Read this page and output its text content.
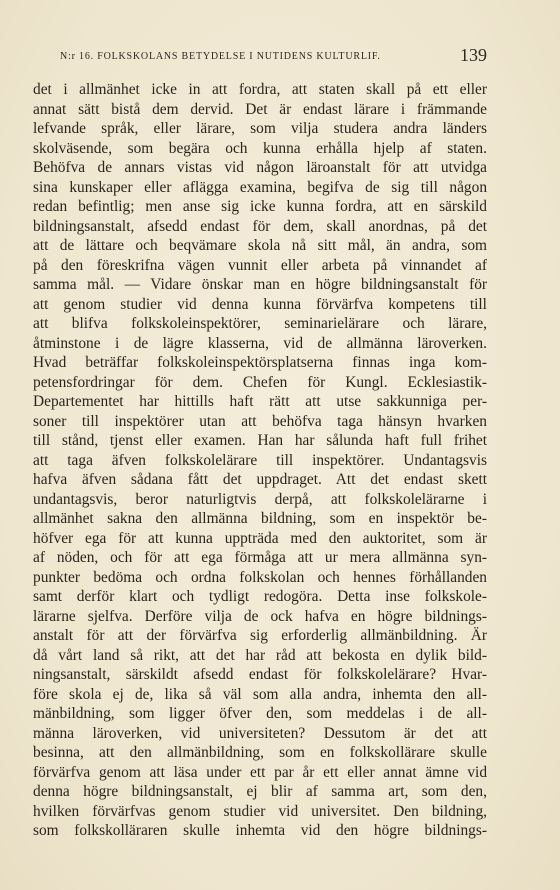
N:r 16. FOLKSKOLANS BETYDELSE I NUTIDENS KULTURLIF.	139
det i allmänhet icke in att fordra, att staten skall på ett eller
annat sätt bistå dem dervid. Det är endast lärare i främmande
lefvande språk, eller lärare, som vilja studera andra länders
skolväsende, som begära och kunna erhålla hjelp af staten.
Behöfva de annars vistas vid någon läroanstalt för att utvidga
sina kunskaper eller aflägga examina, begifva de sig till någon
redan befintlig; men anse sig icke kunna fordra, att en särskild
bildningsanstalt, afsedd endast för dem, skall anordnas, på det
att de lättare och beqvämare skola nå sitt mål, än andra, som
på den föreskrifna vägen vunnit eller arbeta på vinnandet af
samma mål. — Vidare önskar man en högre bildningsanstalt för
att genom studier vid denna kunna förvärfva kompetens till
att blifva folkskoleinspektörer, seminarielärare och lärare,
åtminstone i de lägre klasserna, vid de allmänna läroverken.
Hvad beträffar folkskoleinspektörsplatserna finnas inga kom-
petensfordringar för dem. Chefen för Kungl. Ecklesiastik-
Departementet har hittills haft rätt att utse sakkunniga per-
soner till inspektörer utan att behöfva taga hänsyn hvarken
till stånd, tjenst eller examen. Han har sålunda haft full frihet
att taga äfven folkskolelärare till inspektörer. Undantagsvis
hafva äfven sådana fått det uppdraget. Att det endast skett
undantagsvis, beror naturligtvis derpå, att folkskolelärarne i
allmänhet sakna den allmänna bildning, som en inspektör be-
höfver ega för att kunna uppträda med den auktoritet, som är
af nöden, och för att ega förmåga att ur mera allmänna syn-
punkter bedöma och ordna folkskolan och hennes förhållanden
samt derför klart och tydligt redogöra. Detta inse folkskole-
lärarne sjelfva. Derföre vilja de ock hafva en högre bildnings-
anstalt för att der förvärfva sig erforderlig allmänbildning. Är
då vårt land så rikt, att det har råd att bekosta en dylik bild-
ningsanstalt, särskildt afsedd endast för folkskolelärare? Hvar-
före skola ej de, lika så väl som alla andra, inhemta den all-
mänbildning, som ligger öfver den, som meddelas i de all-
männa läroverken, vid universiteten? Dessutom är det att
besinna, att den allmänbildning, som en folkskollärare skulle
förvärfva genom att läsa under ett par år ett eller annat ämne vid
denna högre bildningsanstalt, ej blir af samma art, som den,
hvilken förvärfvas genom studier vid universitet. Den bildning,
som folkskolläraren skulle inhemta vid den högre bildnings-
